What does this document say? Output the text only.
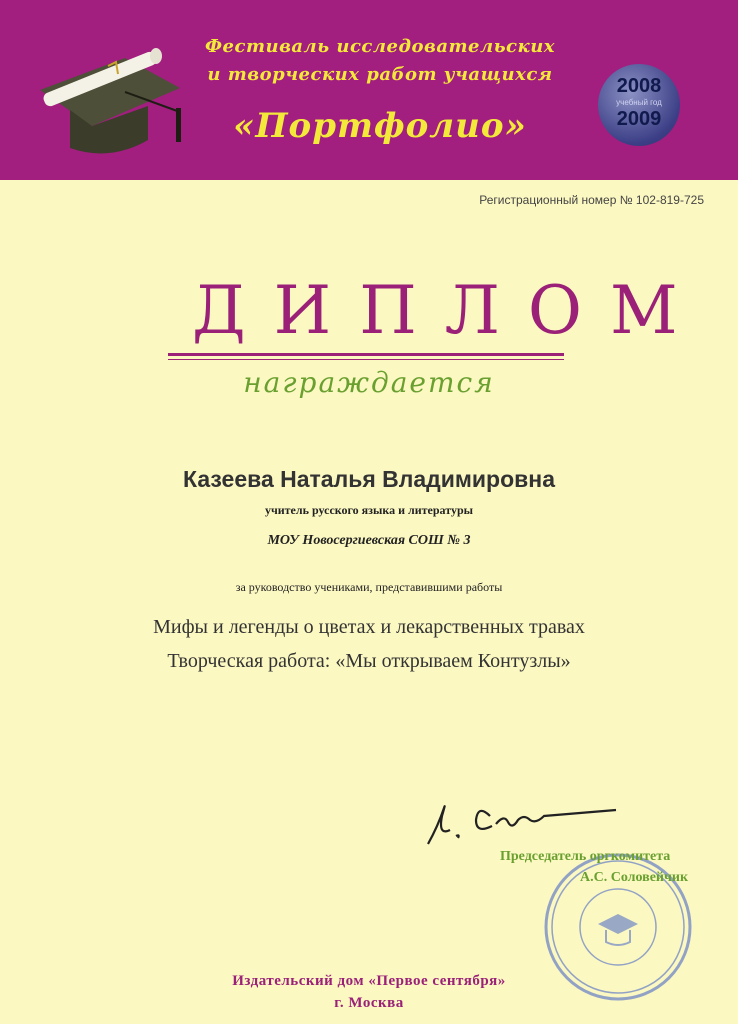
Фестиваль исследовательских
и творческих работ учащихся
«Портфолио»
2008
учебный год
2009
Регистрационный номер № 102-819-725
ДИПЛОМ
награждается
Казеева Наталья Владимировна
учитель русского языка и литературы
МОУ Новосергиевская СОШ № 3
за руководство учениками, представившими работы
Мифы и легенды о цветах и лекарственных травах
Творческая работа: «Мы открываем Контузлы»
Председатель оргкомитета
А.С. Соловейчик
Издательский дом «Первое сентября»
г. Москва
